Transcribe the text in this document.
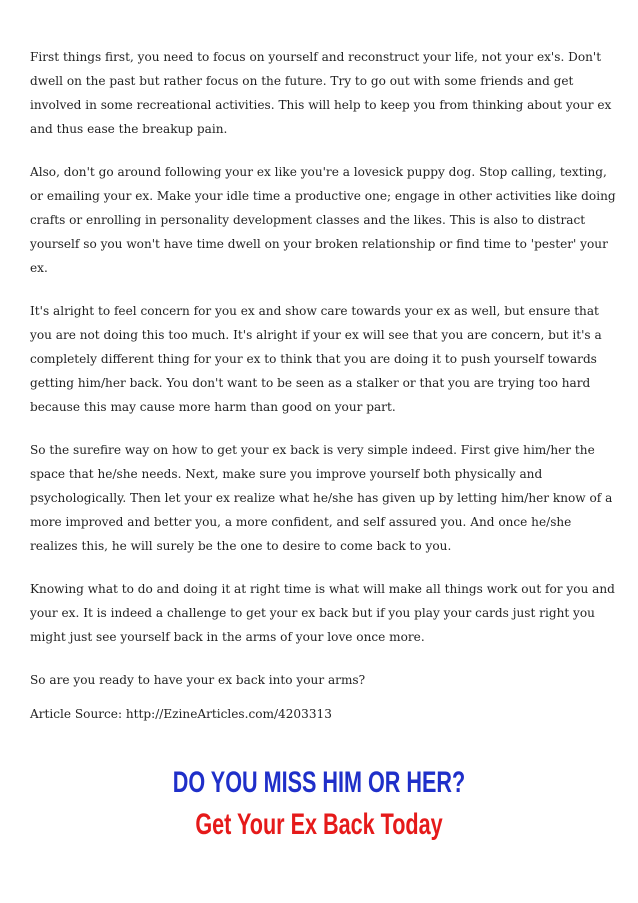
First things first, you need to focus on yourself and reconstruct your life, not your ex's. Don't dwell on the past but rather focus on the future. Try to go out with some friends and get involved in some recreational activities. This will help to keep you from thinking about your ex and thus ease the breakup pain.

Also, don't go around following your ex like you're a lovesick puppy dog. Stop calling, texting, or emailing your ex. Make your idle time a productive one; engage in other activities like doing crafts or enrolling in personality development classes and the likes. This is also to distract yourself so you won't have time dwell on your broken relationship or find time to 'pester' your ex.

It's alright to feel concern for you ex and show care towards your ex as well, but ensure that you are not doing this too much. It's alright if your ex will see that you are concern, but it's a completely different thing for your ex to think that you are doing it to push yourself towards getting him/her back. You don't want to be seen as a stalker or that you are trying too hard because this may cause more harm than good on your part.

So the surefire way on how to get your ex back is very simple indeed. First give him/her the space that he/she needs. Next, make sure you improve yourself both physically and psychologically. Then let your ex realize what he/she has given up by letting him/her know of a more improved and better you, a more confident, and self assured you. And once he/she realizes this, he will surely be the one to desire to come back to you.

Knowing what to do and doing it at right time is what will make all things work out for you and your ex. It is indeed a challenge to get your ex back but if you play your cards just right you might just see yourself back in the arms of your love once more.

So are you ready to have your ex back into your arms?

Article Source: http://EzineArticles.com/4203313

DO YOU MISS HIM OR HER?
Get Your Ex Back Today
